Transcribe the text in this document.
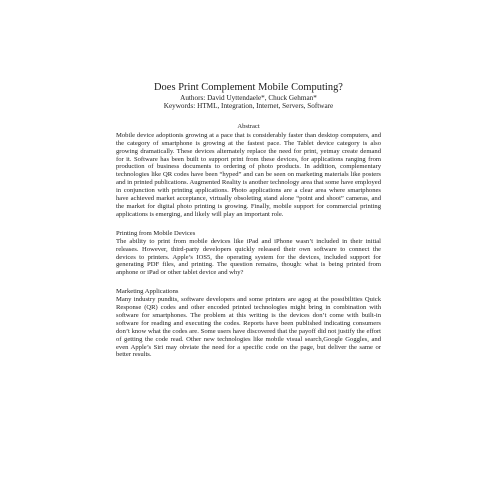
Does Print Complement Mobile Computing?

Authors: David Uyttendaele*, Chuck Gehman*

Keywords: HTML, Integration, Internet, Servers, Software

Abstract

Mobile device adoptionis growing at a pace that is considerably faster than desktop computers, and the category of smartphone is growing at the fastest pace. The Tablet device category is also growing dramatically. These devices alternately replace the need for print, yetmay create demand for it. Software has been built to support print from these devices, for applications ranging from production of business documents to ordering of photo products. In addition, complementary technologies like QR codes have been “hyped” and can be seen on marketing materials like posters and in printed publications. Augmented Reality is another technology area that some have employed in conjunction with printing applications. Photo applications are a clear area where smartphones have achieved market acceptance, virtually obsoleting stand alone “point and shoot” cameras, and the market for digital photo printing is growing. Finally, mobile support for commercial printing applications is emerging, and likely will play an important role.

Printing from Mobile Devices

The ability to print from mobile devices like iPad and iPhone wasn’t included in their initial releases. However, third-party developers quickly released their own software to connect the devices to printers. Apple’s IOS5, the operating system for the devices, included support for generating PDF files, and printing. The question remains, though: what is being printed from anphone or iPad or other tablet device and why?

Marketing Applications

Many industry pundits, software developers and some printers are agog at the possibilities Quick Response (QR) codes and other encoded printed technologies might bring in combination with software for smartphones. The problem at this writing is the devices don’t come with built-in software for reading and executing the codes. Reports have been published indicating consumers don’t know what the codes are. Some users have discovered that the payoff did not justify the effort of getting the code read. Other new technologies like mobile visual search,Google Goggles, and even Apple’s Siri may obviate the need for a specific code on the page, but deliver the same or better results.
